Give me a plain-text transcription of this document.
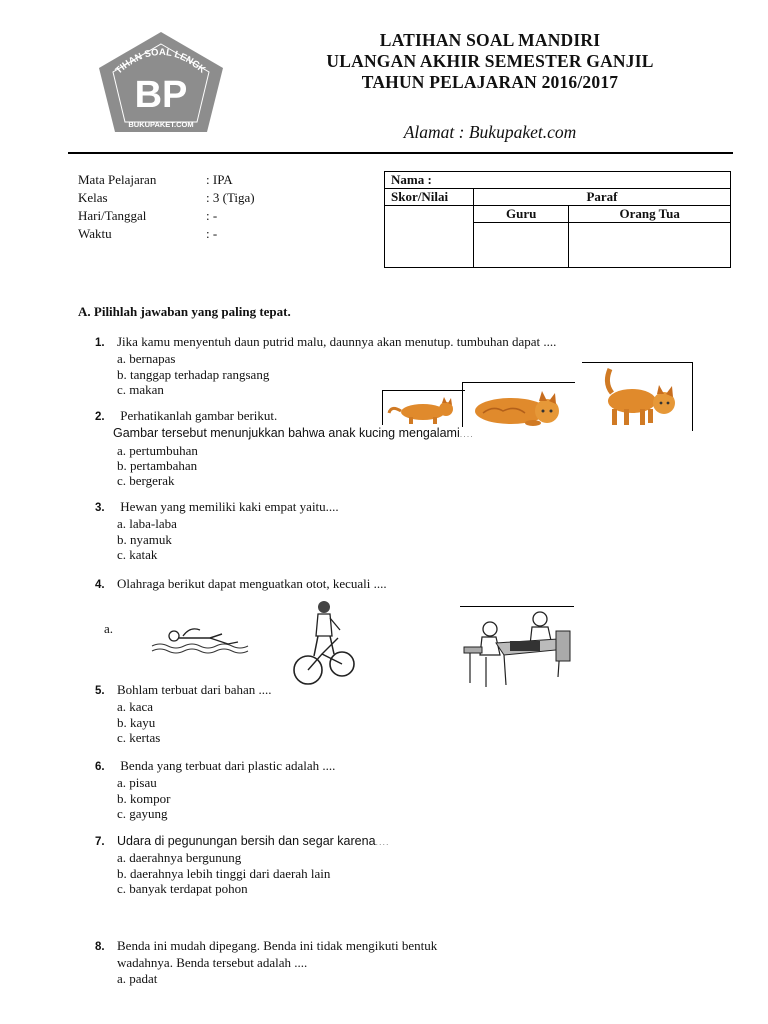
BP
TIHAN SOAL LENGK
BUKUPAKET.COM
LATIHAN SOAL MANDIRI
ULANGAN AKHIR SEMESTER GANJIL
TAHUN PELAJARAN 2016/2017
Alamat : Bukupaket.com
Mata Pelajaran	: IPA
Kelas	: 3 (Tiga)
Hari/Tanggal	: -
Waktu	: -
Nama :		
Skor/Nilai	Paraf	
	Guru	Orang Tua

A. Pilihlah jawaban yang paling tepat.
1. Jika kamu menyentuh daun putrid malu, daunnya akan menutup. tumbuhan dapat ....
a. bernapas
b. tanggap terhadap rangsang
c. makan
2. Perhatikanlah gambar berikut.
Gambar tersebut menunjukkan bahwa anak kucing mengalami....
a. pertumbuhan
b. pertambahan
c. bergerak
3. Hewan yang memiliki kaki empat yaitu....
a. laba-laba
b. nyamuk
c. katak
4. Olahraga berikut dapat menguatkan otot, kecuali ....
a.
5. Bohlam terbuat dari bahan ....
a. kaca
b. kayu
c. kertas
6. Benda yang terbuat dari plastic adalah ....
a. pisau
b. kompor
c. gayung
7. Udara di pegunungan bersih dan segar karena....
a. daerahnya bergunung
b. daerahnya lebih tinggi dari daerah lain
c. banyak terdapat pohon
8. Benda ini mudah dipegang. Benda ini tidak mengikuti bentuk
wadahnya. Benda tersebut adalah ....
a. padat
